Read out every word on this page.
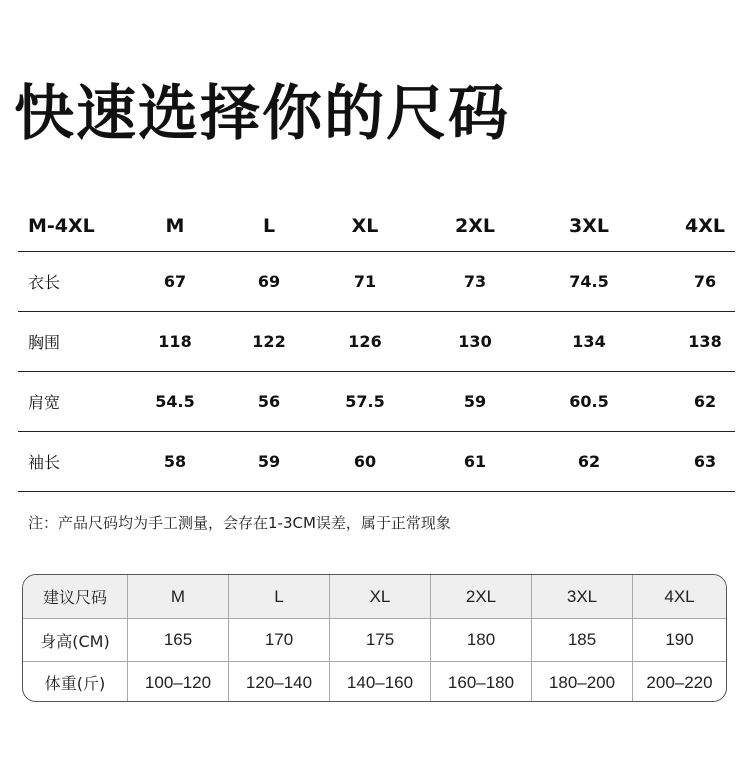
快速选择你的尺码
M-4XL	M	L	XL	2XL	3XL	4XL
衣长	67	69	71	73	74.5	76
胸围	118	122	126	130	134	138
肩宽	54.5	56	57.5	59	60.5	62
袖长	58	59	60	61	62	63
注：产品尺码均为手工测量，会存在1-3CM误差，属于正常现象
建议尺码	M	L	XL	2XL	3XL	4XL
身高(CM)	165	170	175	180	185	190
体重(斤)	100–120	120–140	140–160	160–180	180–200	200–220
